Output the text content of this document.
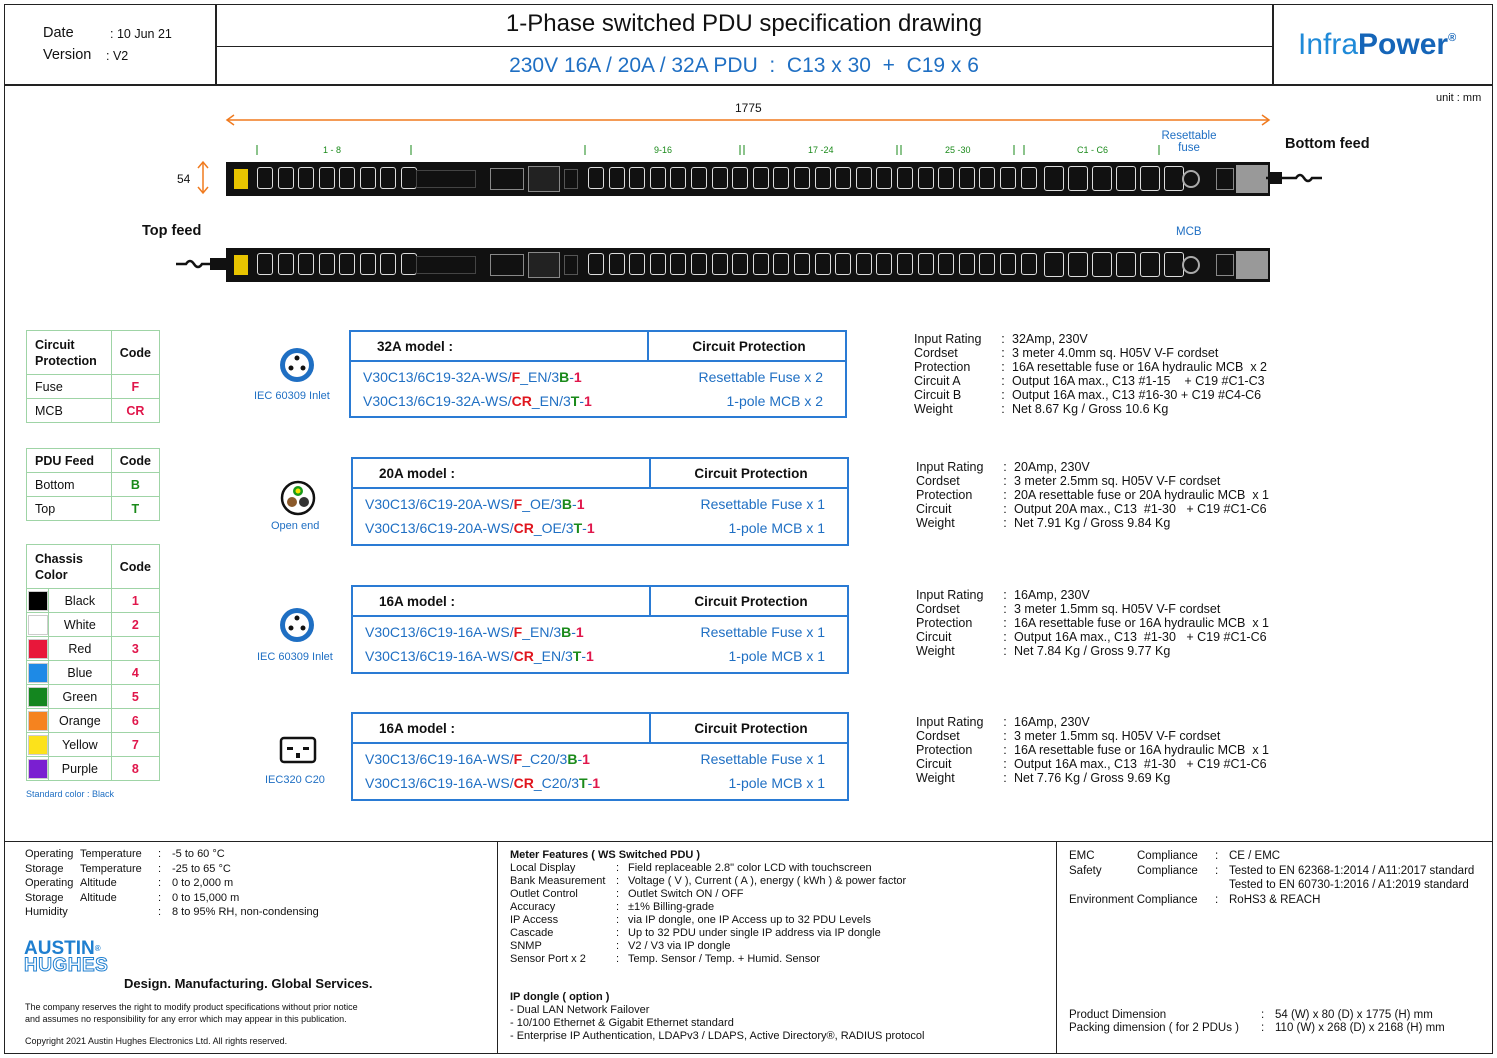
Date	: 10 Jun 21
Version : V2
1-Phase switched PDU specification drawing
230V 16A / 20A / 32A PDU  :  C13 x 30  +  C19 x 6
InfraPower®
unit : mm
1775
54
Bottom feed
Top feed
Resettable
fuse
MCB
1 - 8	9-16	17 -24	25 -30	C1 - C6
Circuit
Protection	Code
Fuse	F
MCB	CR
PDU Feed	Code
Bottom	B
Top	T
Chassis
Color		Code

	Black	1

	White	2

	Red	3

	Blue	4

	Green	5

	Orange	6

	Yellow	7

	Purple	8
Standard color : Black
IEC 60309 Inlet
Open end
IEC 60309 Inlet
IEC320 C20
32A model :	Circuit Protection
V30C13/6C19-32A-WS/F_EN/3B-1	Resettable Fuse x 2
V30C13/6C19-32A-WS/CR_EN/3T-1	1-pole MCB x 2
20A model :	Circuit Protection
V30C13/6C19-20A-WS/F_OE/3B-1	Resettable Fuse x 1
V30C13/6C19-20A-WS/CR_OE/3T-1	1-pole MCB x 1
16A model :	Circuit Protection
V30C13/6C19-16A-WS/F_EN/3B-1	Resettable Fuse x 1
V30C13/6C19-16A-WS/CR_EN/3T-1	1-pole MCB x 1
16A model :	Circuit Protection
V30C13/6C19-16A-WS/F_C20/3B-1	Resettable Fuse x 1
V30C13/6C19-16A-WS/CR_C20/3T-1	1-pole MCB x 1
Input Rating : 32Amp, 230V
Cordset	: 3 meter 4.0mm sq. H05V V-F cordset
Protection : 16A resettable fuse or 16A hydraulic MCB  x 2
Circuit A	: Output 16A max., C13 #1-15    + C19 #C1-C3
Circuit B	: Output 16A max., C13 #16-30 + C19 #C4-C6
Weight	: Net 8.67 Kg / Gross 10.6 Kg
Input Rating : 20Amp, 230V
Cordset	: 3 meter 2.5mm sq. H05V V-F cordset
Protection : 20A resettable fuse or 20A hydraulic MCB  x 1
Circuit	: Output 20A max., C13  #1-30   + C19 #C1-C6
Weight	: Net 7.91 Kg / Gross 9.84 Kg
Input Rating : 16Amp, 230V
Cordset	: 3 meter 1.5mm sq. H05V V-F cordset
Protection : 16A resettable fuse or 16A hydraulic MCB  x 1
Circuit	: Output 16A max., C13  #1-30   + C19 #C1-C6
Weight	: Net 7.84 Kg / Gross 9.77 Kg
Input Rating : 16Amp, 230V
Cordset	: 3 meter 1.5mm sq. H05V V-F cordset
Protection : 16A resettable fuse or 16A hydraulic MCB  x 1
Circuit	: Output 16A max., C13  #1-30   + C19 #C1-C6
Weight	: Net 7.76 Kg / Gross 9.69 Kg
Operating Temperature : -5 to 60 °C
Storage Temperature : -25 to 65 °C
Operating Altitude	: 0 to 2,000 m
Storage Altitude	: 0 to 15,000 m
Humidity	: 8 to 95% RH, non-condensing
AUSTIN®
HUGHES
Design. Manufacturing. Global Services.
The company reserves the right to modify product specifications without prior notice
and assumes no responsibility for any error which may appear in this publication.
Copyright 2021 Austin Hughes Electronics Ltd. All rights reserved.
Meter Features ( WS Switched PDU )
Local Display	: Field replaceable 2.8" color LCD with touchscreen
Bank Measurement : Voltage ( V ), Current ( A ), energy ( kWh ) & power factor
Outlet Control	: Outlet Switch ON / OFF
Accuracy	: ±1% Billing-grade
IP Access	: via IP dongle, one IP Access up to 32 PDU Levels
Cascade	: Up to 32 PDU under single IP address via IP dongle
SNMP	: V2 / V3 via IP dongle
Sensor Port x 2	: Temp. Sensor / Temp. + Humid. Sensor
IP dongle ( option )
- Dual LAN Network Failover
- 10/100 Ethernet & Gigabit Ethernet standard
- Enterprise IP Authentication, LDAPv3 / LDAPS, Active Directory®, RADIUS protocol
EMC	Compliance : CE / EMC
Safety	Compliance : Tested to EN 62368-1:2014 / A11:2017 standard
Tested to EN 60730-1:2016 / A1:2019 standard
Environment Compliance : RoHS3 & REACH
Product Dimension	: 54 (W) x 80 (D) x 1775 (H) mm
Packing dimension ( for 2 PDUs ) : 110 (W) x 268 (D) x 2168 (H) mm
